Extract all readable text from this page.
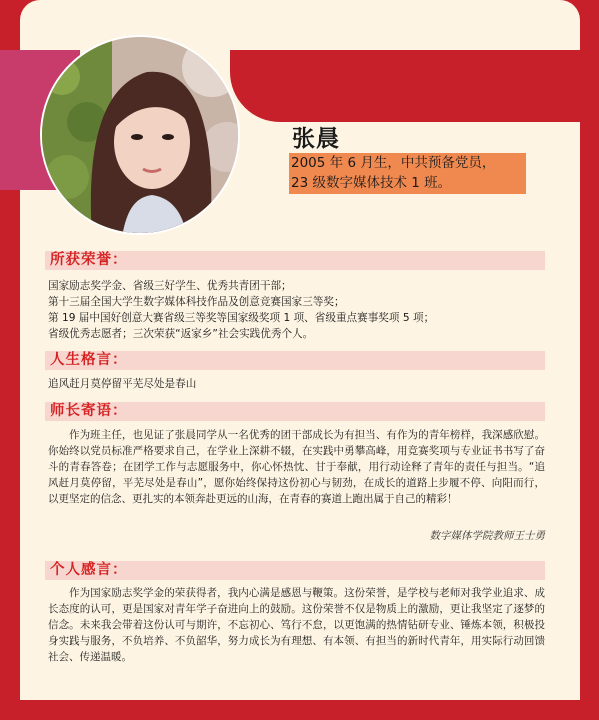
张晨
2005 年 6 月生，中共预备党员，
23 级数字媒体技术 1 班。
所获荣誉：

国家励志奖学金、省级三好学生、优秀共青团干部；

第十三届全国大学生数字媒体科技作品及创意竞赛国家三等奖；

第 19 届中国好创意大赛省级三等奖等国家级奖项 1 项、省级重点赛事奖项 5 项；

省级优秀志愿者；三次荣获“返家乡”社会实践优秀个人。

人生格言：

追风赶月莫停留平芜尽处是春山

师长寄语：

作为班主任，也见证了张晨同学从一名优秀的团干部成长为有担当、有作为的青年榜样，我深感欣慰。你始终以党员标准严格要求自己，在学业上深耕不辍，在实践中勇攀高峰，用竞赛奖项与专业证书书写了奋斗的青春答卷；在团学工作与志愿服务中，你心怀热忱、甘于奉献，用行动诠释了青年的责任与担当。“追风赶月莫停留，平芜尽处是春山”，愿你始终保持这份初心与韧劲，在成长的道路上步履不停、向阳而行，以更坚定的信念、更扎实的本领奔赴更远的山海，在青春的赛道上跑出属于自己的精彩！

数字媒体学院教师王士勇

个人感言：

作为国家励志奖学金的荣获得者，我内心满是感恩与鞭策。这份荣誉，是学校与老师对我学业追求、成长态度的认可，更是国家对青年学子奋进向上的鼓励。这份荣誉不仅是物质上的激励，更让我坚定了逐梦的信念。未来我会带着这份认可与期许，不忘初心、笃行不怠，以更饱满的热情钻研专业、锤炼本领，积极投身实践与服务，不负培养、不负韶华，努力成长为有理想、有本领、有担当的新时代青年，用实际行动回馈社会、传递温暖。
